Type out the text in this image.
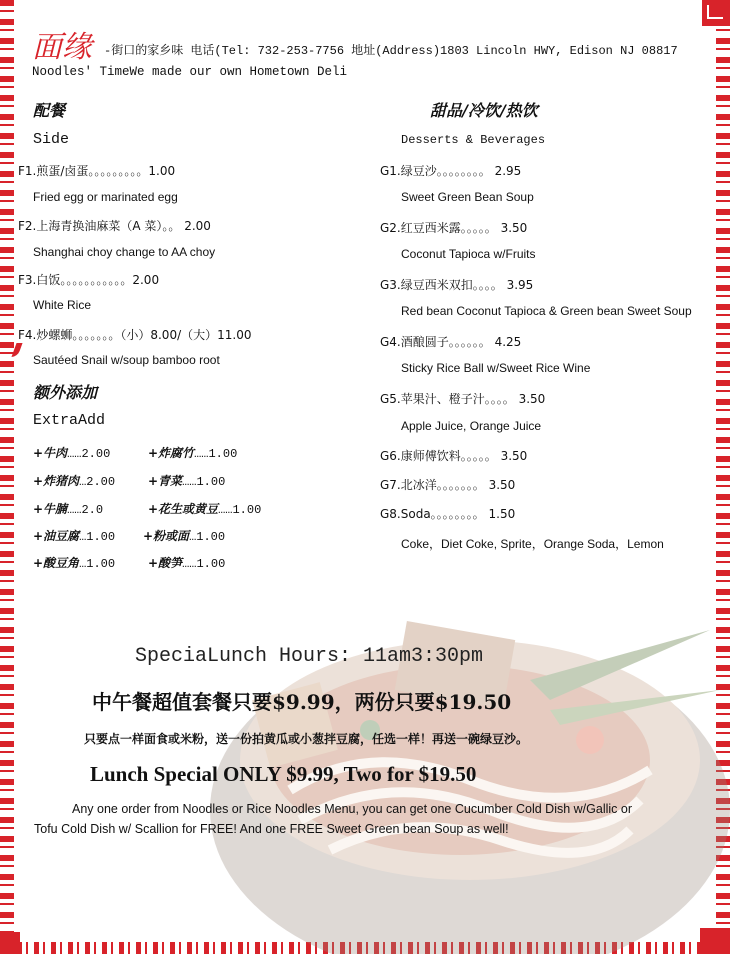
面缘 -街口的家乡味 电话(Tel: 732-253-7756 地址(Address)1803 Lincoln HWY, Edison NJ 08817
Noodles' TimeWe made our own Hometown Deli
配餐
Side
F1.煎蛋/卤蛋。。。。。。。。。1.00
Fried egg or marinated egg
F2.上海青换油麻菜（A 菜）。。 2.00
Shanghai choy change to AA choy
F3.白饭。。。。。。。。。。。2.00
White Rice
F4.炒螺蛳。。。。。。。（小）8.00/（大）11.00
Sautéed Snail w/soup bamboo root
额外添加
ExtraAdd
+牛肉……2.00	+炸腐竹……1.00
+炸猪肉…2.00	+青菜……1.00
+牛腩……2.0	+花生或黄豆……1.00
+油豆腐…1.00 +粉或面…1.00
+酸豆角…1.00	+酸笋……1.00
甜品/冷饮/热饮
Desserts & Beverages
G1.绿豆沙。。。。。。。。 2.95
Sweet Green Bean Soup
G2.红豆西米露。。。。。 3.50
Coconut Tapioca w/Fruits
G3.绿豆西米双扣。。。。 3.95
Red bean Coconut Tapioca & Green bean Sweet Soup
G4.酒酿圆子。。。。。。 4.25
Sticky Rice Ball w/Sweet Rice Wine
G5.苹果汁、橙子汁。。。。 3.50
Apple Juice, Orange Juice
G6.康师傅饮料。。。。。 3.50
G7.北冰洋。。。。。。。 3.50
G8.Soda。。。。。。。。 1.50
Coke，Diet Coke, Sprite，Orange Soda，Lemon
SpeciaLunch Hours: 11am3:30pm
中午餐超值套餐只要$9.99，两份只要$19.50
只要点一样面食或米粉，送一份拍黄瓜或小葱拌豆腐，任选一样！再送一碗绿豆沙。
Lunch Special ONLY $9.99, Two for $19.50
Any one order from Noodles or Rice Noodles Menu, you can get one Cucumber Cold Dish w/Gallic or
Tofu Cold Dish w/ Scallion for FREE! And one FREE Sweet Green bean Soup as well!
